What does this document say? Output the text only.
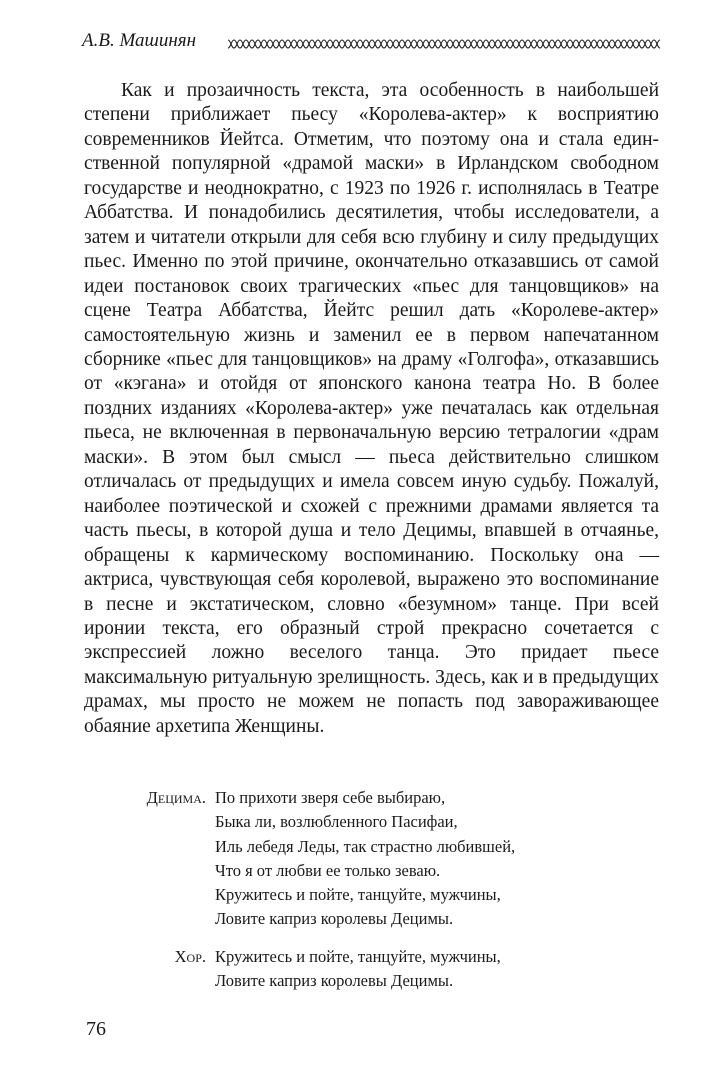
А.В. Машинян

Как и прозаичность текста, эта особенность в наибольшей степени приближает пьесу «Королева-актер» к восприятию современников Йейтса. Отметим, что поэтому она и стала единственной популярной «драмой маски» в Ирландском свободном государстве и неоднократно, с 1923 по 1926 г. исполнялась в Театре Аббатства. И понадобились десятилетия, чтобы исследователи, а затем и читатели открыли для себя всю глубину и силу предыдущих пьес. Именно по этой причине, окончательно отказавшись от самой идеи постановок своих трагических «пьес для танцовщиков» на сцене Театра Аббатства, Йейтс решил дать «Королеве-актер» самостоятельную жизнь и заменил ее в первом напечатанном сборнике «пьес для танцовщиков» на драму «Голгофа», отказавшись от «кэгана» и отойдя от японского канона театра Но. В более поздних изданиях «Королева-актер» уже печаталась как отдельная пьеса, не включенная в первоначальную версию тетралогии «драм маски». В этом был смысл — пьеса действительно слишком отличалась от предыдущих и имела совсем иную судьбу. Пожалуй, наиболее поэтической и схожей с прежними драмами является та часть пьесы, в которой душа и тело Децимы, впавшей в отчаянье, обращены к кармическому воспоминанию. Поскольку она — актриса, чувствующая себя королевой, выражено это воспоминание в песне и экстатическом, словно «безумном» танце. При всей иронии текста, его образный строй прекрасно сочетается с экспрессией ложно веселого танца. Это придает пьесе максимальную ритуальную зрелищность. Здесь, как и в предыдущих драмах, мы просто не можем не попасть под завораживающее обаяние архетипа Женщины.

Децима. По прихоти зверя себе выбираю,
Быка ли, возлюбленного Пасифаи,
Иль лебедя Леды, так страстно любившей,
Что я от любви ее только зеваю.
Кружитесь и пойте, танцуйте, мужчины,
Ловите каприз королевы Децимы.
Хор. Кружитесь и пойте, танцуйте, мужчины,
Ловите каприз королевы Децимы.
76
